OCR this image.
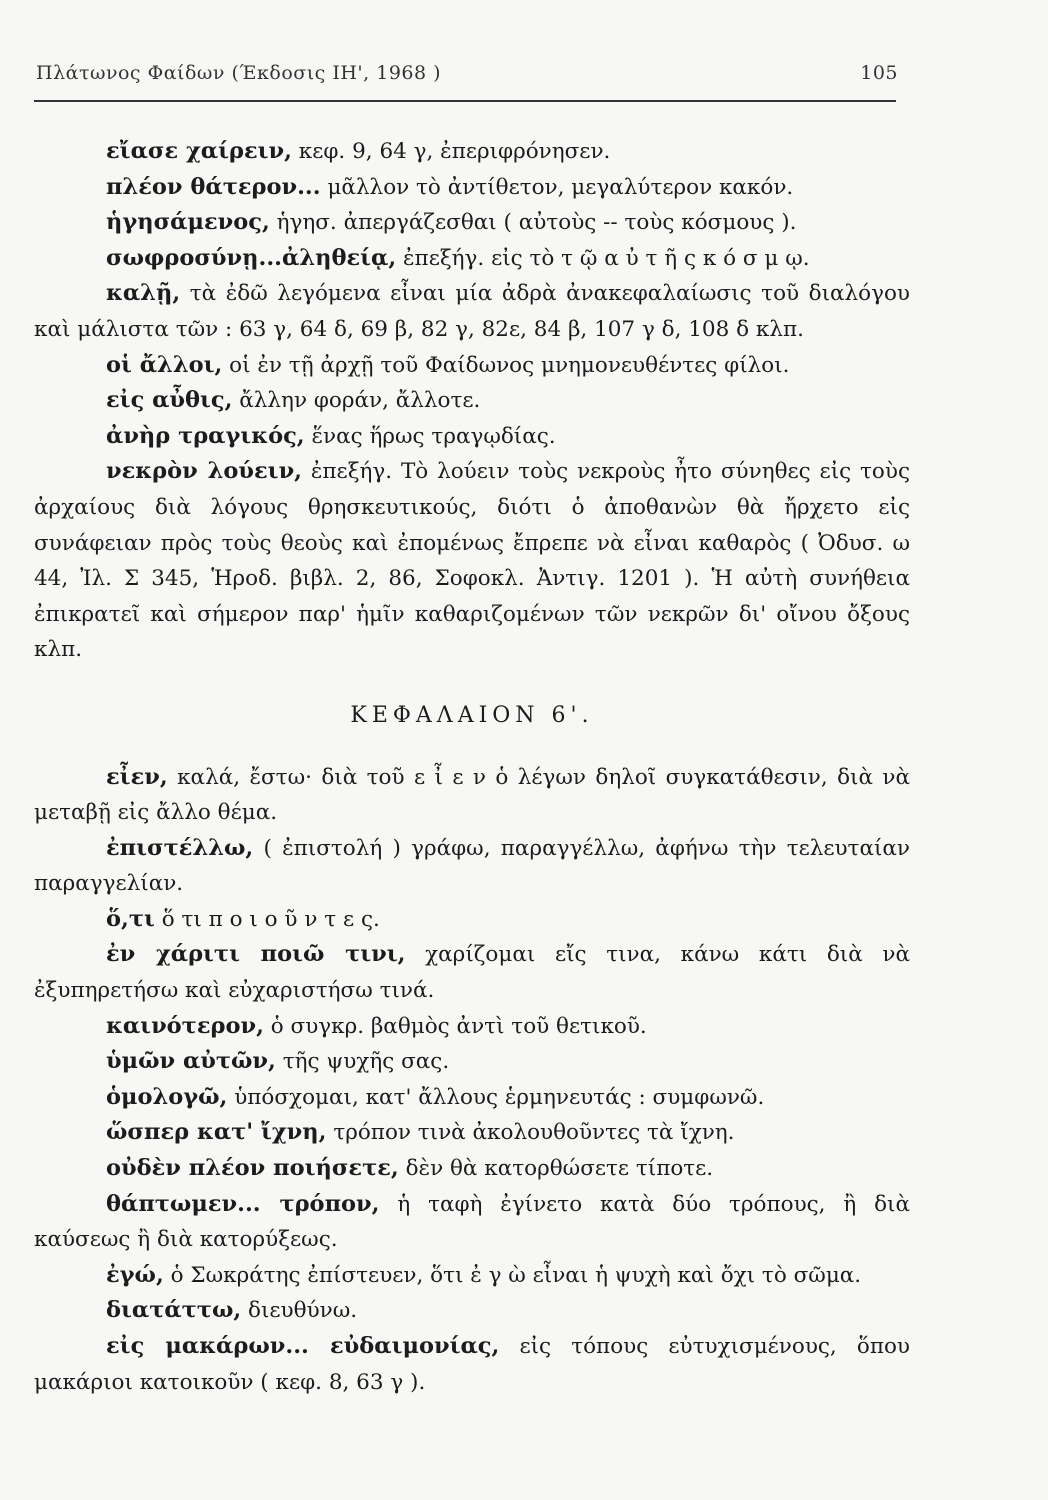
Πλάτωνος Φαίδων (Έκδοσις ΙΗ', 1968 )	105

εἴασε χαίρειν, κεφ. 9, 64 γ, ἐπεριφρόνησεν.

πλέον θάτερον... μᾶλλον τὸ ἀντίθετον, μεγαλύτερον κακόν.

ἡγησάμενος, ἡγησ. ἀπεργάζεσθαι ( αὐτοὺς -- τοὺς κόσμους ).

σωφροσύνῃ...ἀληθείᾳ, ἐπεξήγ. εἰς τὸ τ ῷ α ὐ τ ῆ ς κ ό σ μ ῳ.

καλῇ, τὰ ἐδῶ λεγόμενα εἶναι μία ἀδρὰ ἀνακεφαλαίωσις τοῦ διαλόγου καὶ μάλιστα τῶν : 63 γ, 64 δ, 69 β, 82 γ, 82ε, 84 β, 107 γ δ, 108 δ κλπ.

οἱ ἄλλοι, οἱ ἐν τῇ ἀρχῇ τοῦ Φαίδωνος μνημονευθέντες φίλοι.

εἰς αὖθις, ἄλλην φοράν, ἄλλοτε.

ἀνὴρ τραγικός, ἕνας ἥρως τραγῳδίας.

νεκρὸν λούειν, ἐπεξήγ. Τὸ λούειν τοὺς νεκροὺς ἦτο σύνηθες εἰς τοὺς ἀρχαίους διὰ λόγους θρησκευτικούς, διότι ὁ ἀποθανὼν θὰ ἤρχετο εἰς συνάφειαν πρὸς τοὺς θεοὺς καὶ ἐπομένως ἔπρεπε νὰ εἶναι καθαρὸς ( Ὀδυσ. ω 44, Ἰλ. Σ 345, Ἡροδ. βιβλ. 2, 86, Σοφοκλ. Ἀντιγ. 1201 ). Ἡ αὐτὴ συνήθεια ἐπικρατεῖ καὶ σήμερον παρ' ἡμῖν καθαριζομένων τῶν νεκρῶν δι' οἴνου ὄξους κλπ.

ΚΕΦΑΛΑΙΟΝ 6'.

εἶεν, καλά, ἔστω· διὰ τοῦ ε ἶ ε ν ὁ λέγων δηλοῖ συγκατάθεσιν, διὰ νὰ μεταβῇ εἰς ἄλλο θέμα.

ἐπιστέλλω, ( ἐπιστολή ) γράφω, παραγγέλλω, ἀφήνω τὴν τελευταίαν παραγγελίαν.

ὅ,τι ὅ τι π ο ι ο ῦ ν τ ε ς.

ἐν χάριτι ποιῶ τινι, χαρίζομαι εἴς τινα, κάνω κάτι διὰ νὰ ἐξυπηρετήσω καὶ εὐχαριστήσω τινά.

καινότερον, ὁ συγκρ. βαθμὸς ἀντὶ τοῦ θετικοῦ.

ὑμῶν αὐτῶν, τῆς ψυχῆς σας.

ὁμολογῶ, ὑπόσχομαι, κατ' ἄλλους ἑρμηνευτάς : συμφωνῶ.

ὥσπερ κατ' ἴχνη, τρόπον τινὰ ἀκολουθοῦντες τὰ ἴχνη.

οὐδὲν πλέον ποιήσετε, δὲν θὰ κατορθώσετε τίποτε.

θάπτωμεν... τρόπον, ἡ ταφὴ ἐγίνετο κατὰ δύο τρόπους, ἢ διὰ καύσεως ἢ διὰ κατορύξεως.

ἐγώ, ὁ Σωκράτης ἐπίστευεν, ὅτι ἐ γ ὼ εἶναι ἡ ψυχὴ καὶ ὄχι τὸ σῶμα.

διατάττω, διευθύνω.

εἰς μακάρων... εὐδαιμονίας, εἰς τόπους εὐτυχισμένους, ὅπου μακάριοι κατοικοῦν ( κεφ. 8, 63 γ ).
